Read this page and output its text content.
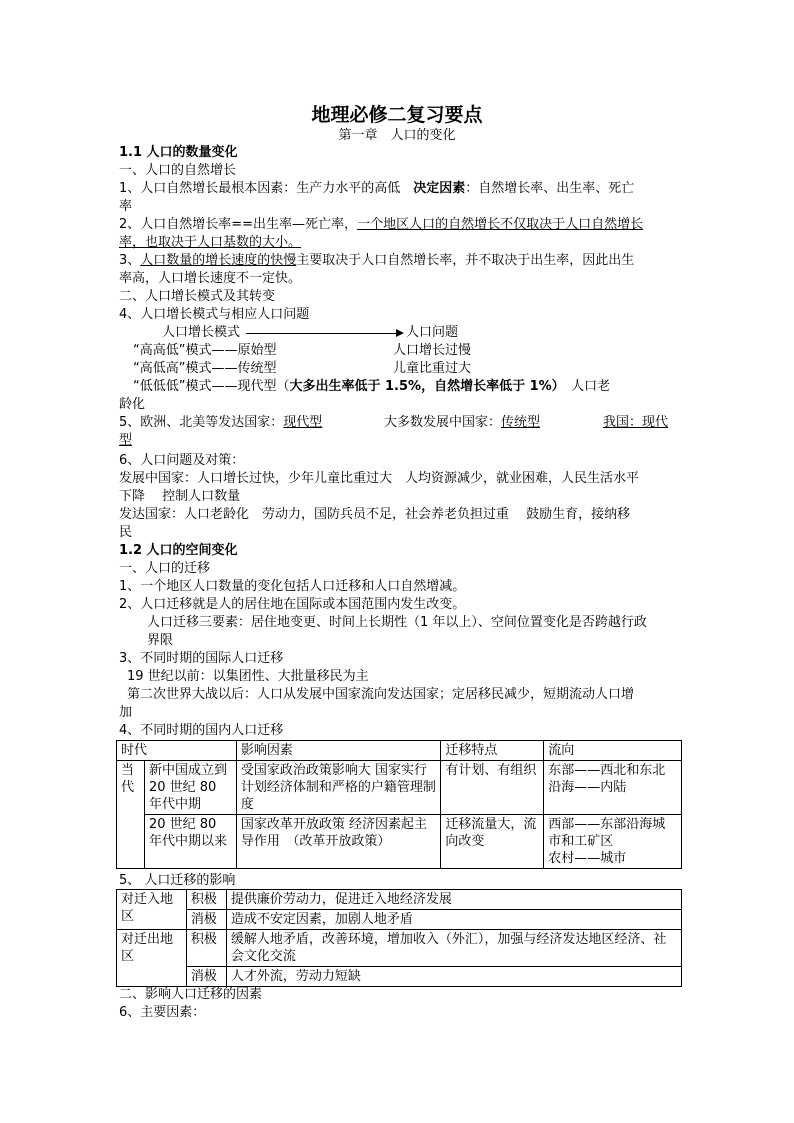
地理必修二复习要点
第一章　人口的变化
1.1 人口的数量变化
一、人口的自然增长
1、人口自然增长最根本因素：生产力水平的高低　决定因素：自然增长率、出生率、死亡
率
2、人口自然增长率==出生率—死亡率，一个地区人口的自然增长不仅取决于人口自然增长
率，也取决于人口基数的大小。
3、人口数量的增长速度的快慢主要取决于人口自然增长率，并不取决于出生率，因此出生
率高，人口增长速度不一定快。
二、人口增长模式及其转变
4、人口增长模式与相应人口问题
人口增长模式	人口问题
“高高低”模式——原始型	人口增长过慢
“高低高”模式——传统型	儿童比重过大
“低低低”模式——现代型（大多出生率低于 1.5%，自然增长率低于 1%）　人口老
龄化
5、欧洲、北美等发达国家：现代型	大多数发展中国家：传统型	我国：现代
型
6、人口问题及对策：
发展中国家：人口增长过快，少年儿童比重过大　人均资源减少，就业困难，人民生活水平
下降　 控制人口数量
发达国家：人口老龄化　劳动力，国防兵员不足，社会养老负担过重　 鼓励生育，接纳移
民
1.2 人口的空间变化
一、人口的迁移
1、一个地区人口数量的变化包括人口迁移和人口自然增减。
2、人口迁移就是人的居住地在国际或本国范围内发生改变。
人口迁移三要素：居住地变更、时间上长期性（1 年以上）、空间位置变化是否跨越行政
界限
3、不同时期的国际人口迁移
19 世纪以前：以集团性、大批量移民为主
第二次世界大战以后：人口从发展中国家流向发达国家；定居移民减少，短期流动人口增
加
4、不同时期的国内人口迁移
时代		影响因素	迁移特点	流向
当代	新中国成立到 20 世纪 80 年代中期	受国家政治政策影响大 国家实行计划经济体制和严格的户籍管理制度	有计划、有组织	东部——西北和东北
沿海——内陆

	20 世纪 80 年代中期以来	国家改革开放政策 经济因素起主导作用　（改革开放政策）	迁移流量大，流向改变	西部——东部沿海城市和工矿区
农村——城市
5、 人口迁移的影响
对迁入地区	积极	提供廉价劳动力，促进迁入地经济发展
	消极	造成不安定因素，加剧人地矛盾
对迁出地区	积极	缓解人地矛盾，改善环境，增加收入（外汇），加强与经济发达地区经济、社会文化交流
	消极	人才外流，劳动力短缺
二、影响人口迁移的因素
6、主要因素：
